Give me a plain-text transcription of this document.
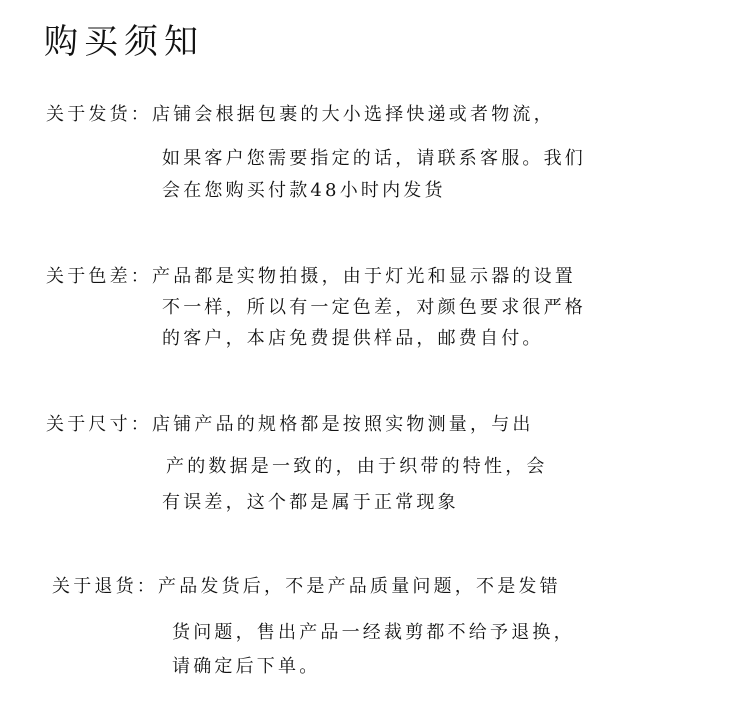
购买须知
关于发货：店铺会根据包裹的大小选择快递或者物流，
如果客户您需要指定的话，请联系客服。我们
会在您购买付款48小时内发货
关于色差：产品都是实物拍摄，由于灯光和显示器的设置
不一样，所以有一定色差，对颜色要求很严格
的客户，本店免费提供样品，邮费自付。
关于尺寸：店铺产品的规格都是按照实物测量，与出
产的数据是一致的，由于织带的特性，会
有误差，这个都是属于正常现象
关于退货：产品发货后，不是产品质量问题，不是发错
货问题，售出产品一经裁剪都不给予退换，
请确定后下单。
